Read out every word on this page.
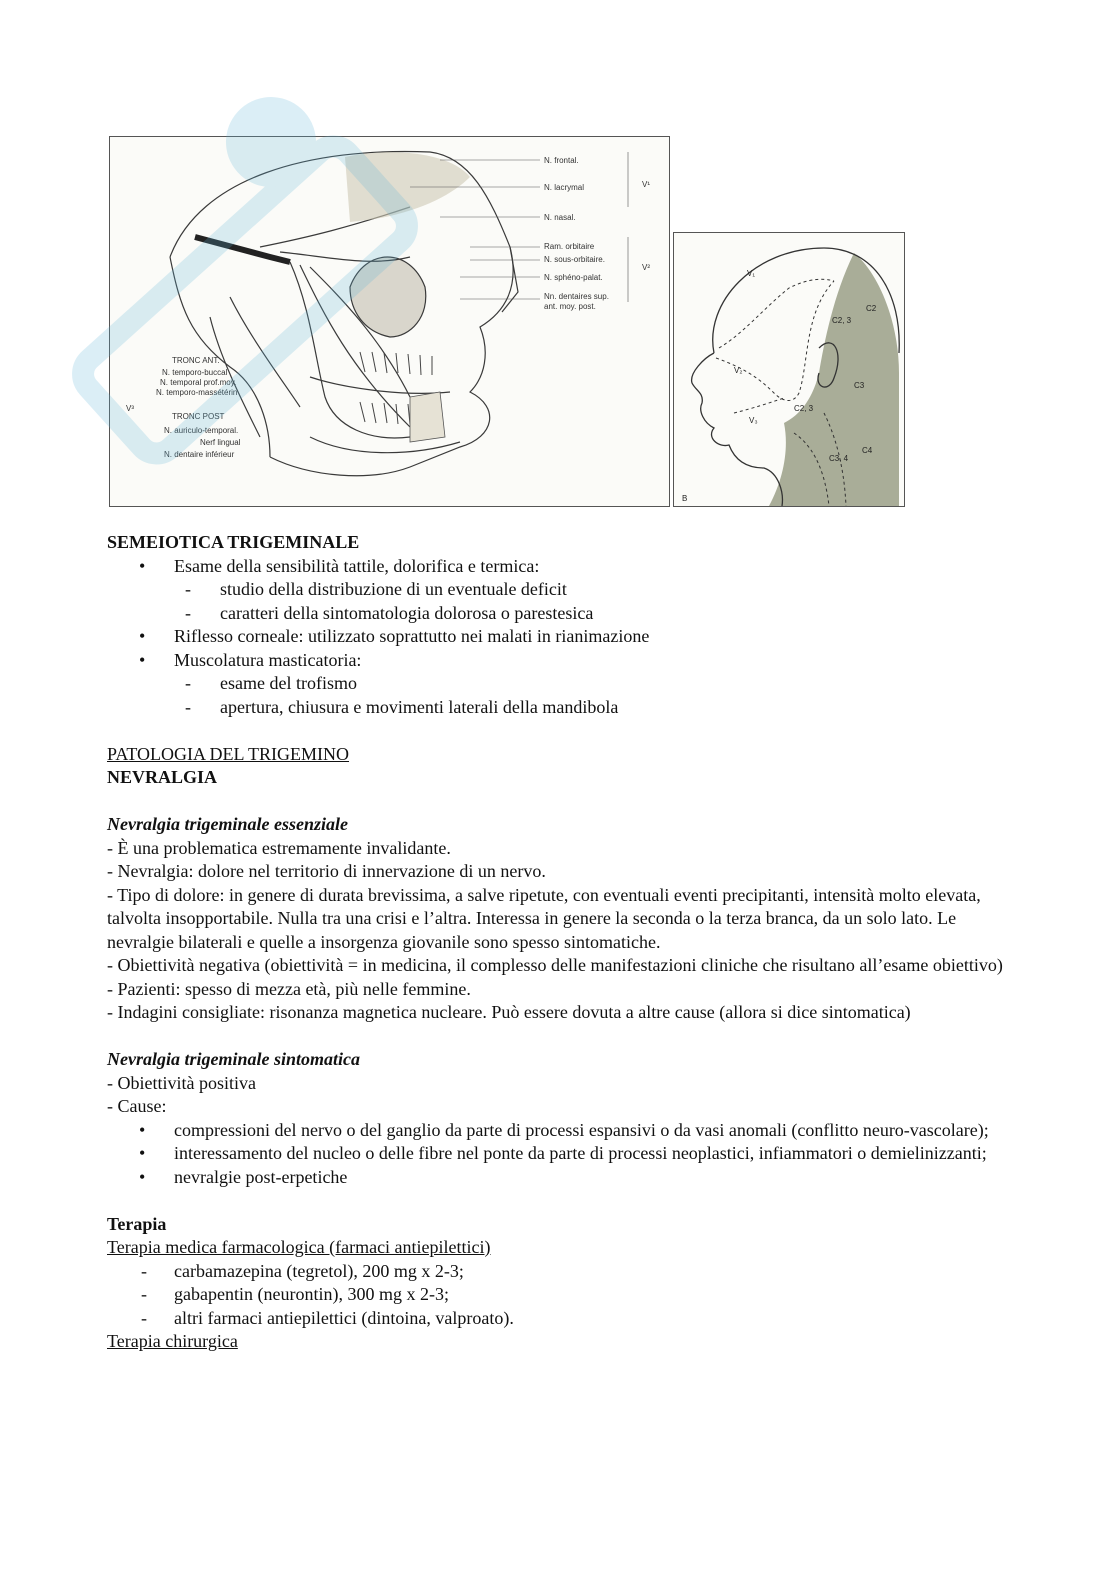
N. frontal.
N. lacrymal
N. nasal.
V¹
Ram. orbitaire
N. sous-orbitaire.
N. sphéno-palat.
V²
Nn. dentaires sup.
ant. moy. post.
TRONC ANT.
N. temporo-buccal
N. temporal prof.moy.
N. temporo-massétérin
V³
TRONC POST
N. auriculo-temporal.
Nerf lingual
N. dentaire inférieur
V₁
V₂
V₃
C2
C2, 3
C3
C2, 3
C4
C3, 4
B

SEMEIOTICA TRIGEMINALE

• Esame della sensibilità tattile, dolorifica e termica:
- studio della distribuzione di un eventuale deficit
- caratteri della sintomatologia dolorosa o parestesica
• Riflesso corneale: utilizzato soprattutto nei malati in rianimazione
• Muscolatura masticatoria:
- esame del trofismo
- apertura, chiusura e movimenti laterali della mandibola

PATOLOGIA DEL TRIGEMINO

NEVRALGIA

Nevralgia trigeminale essenziale

- È una problematica estremamente invalidante.

- Nevralgia: dolore nel territorio di innervazione di un nervo.

- Tipo di dolore: in genere di durata brevissima, a salve ripetute, con eventuali eventi precipitanti, intensità molto elevata, talvolta insopportabile. Nulla tra una crisi e l’altra. Interessa in genere la seconda o la terza branca, da un solo lato. Le nevralgie bilaterali e quelle a insorgenza giovanile sono spesso sintomatiche.

- Obiettività negativa (obiettività = in medicina, il complesso delle manifestazioni cliniche che risultano all’esame obiettivo)

- Pazienti: spesso di mezza età, più nelle femmine.

- Indagini consigliate: risonanza magnetica nucleare. Può essere dovuta a altre cause (allora si dice sintomatica)

Nevralgia trigeminale sintomatica

- Obiettività positiva

- Cause:

• compressioni del nervo o del ganglio da parte di processi espansivi o da vasi anomali (conflitto neuro-vascolare);
• interessamento del nucleo o delle fibre nel ponte da parte di processi neoplastici, infiammatori o demielinizzanti;
• nevralgie post-erpetiche

Terapia

Terapia medica farmacologica (farmaci antiepilettici)

- carbamazepina (tegretol), 200 mg x 2-3;
- gabapentin (neurontin), 300 mg x 2-3;
- altri farmaci antiepilettici (dintoina, valproato).

Terapia chirurgica
